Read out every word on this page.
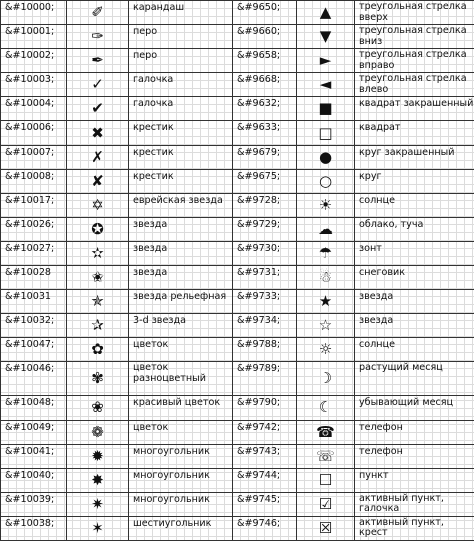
&#10000;	✐	карандаш	&#9650;	▲	треугольная стрелка вверх
&#10001;	✑	перо	&#9660;	▼	треугольная стрелка вниз
&#10002;	✒	перо	&#9658;	►	треугольная стрелка вправо
&#10003;	✓	галочка	&#9668;	◄	треугольная стрелка влево
&#10004;	✔	галочка	&#9632;	■	квадрат закрашенный
&#10006;	✖	крестик	&#9633;	□	квадрат
&#10007;	✗	крестик	&#9679;	●	круг закрашенный
&#10008;	✘	крестик	&#9675;	○	круг
&#10017;	✡	еврейская звезда	&#9728;	☀	солнце
&#10026;	✪	звезда	&#9729;	☁	облако, туча
&#10027;	✫	звезда	&#9730;	☂	зонт
&#10028	✬	звезда	&#9731;	☃	снеговик
&#10031	✯	звезда рельефная	&#9733;	★	звезда
&#10032;	✰	3-d звезда	&#9734;	☆	звезда
&#10047;	✿	цветок	&#9788;	☼	солнце
&#10046;	✾	цветок разноцветный	&#9789;	☽	растущий месяц
&#10048;	❀	красивый цветок	&#9790;	☾	убывающий месяц
&#10049;	❁	цветок	&#9742;	☎	телефон
&#10041;	✹	многоугольник	&#9743;	☏	телефон
&#10040;	✸	многоугольник	&#9744;	☐	пункт
&#10039;	✷	многоугольник	&#9745;	☑	активный пункт, галочка
&#10038;	✶	шестиугольник	&#9746;	☒	активный пункт, крест
